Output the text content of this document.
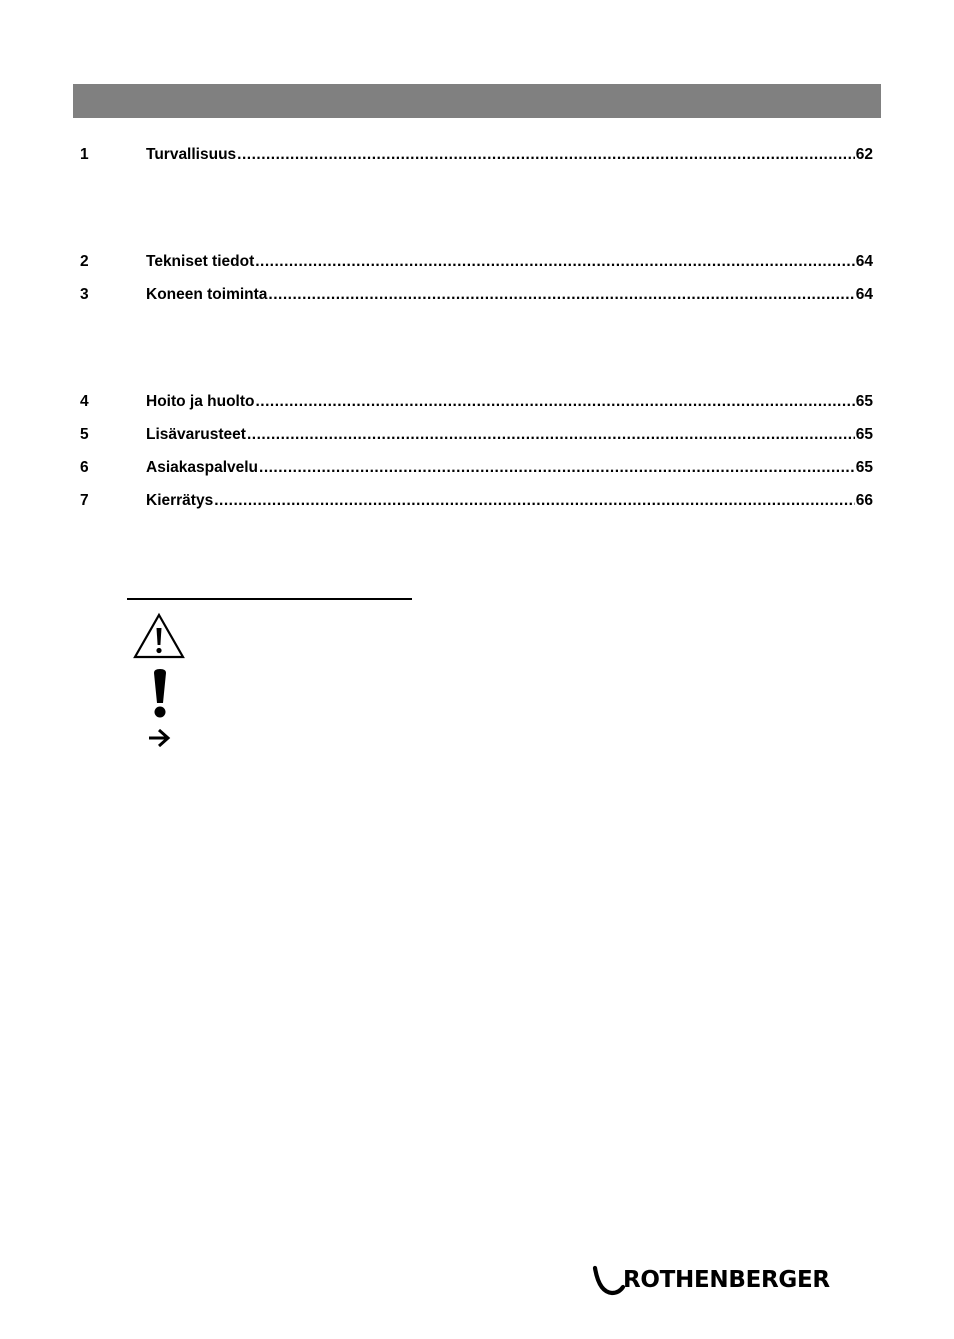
1	Turvallisuus .....	62
2	Tekniset tiedot .....	64
3	Koneen toiminta .....	64
4	Hoito ja huolto .....	65
5	Lisävarusteet .....	65
6	Asiakaspalvelu .....	65
7	Kierrätys .....	66
ROTHENBERGER
